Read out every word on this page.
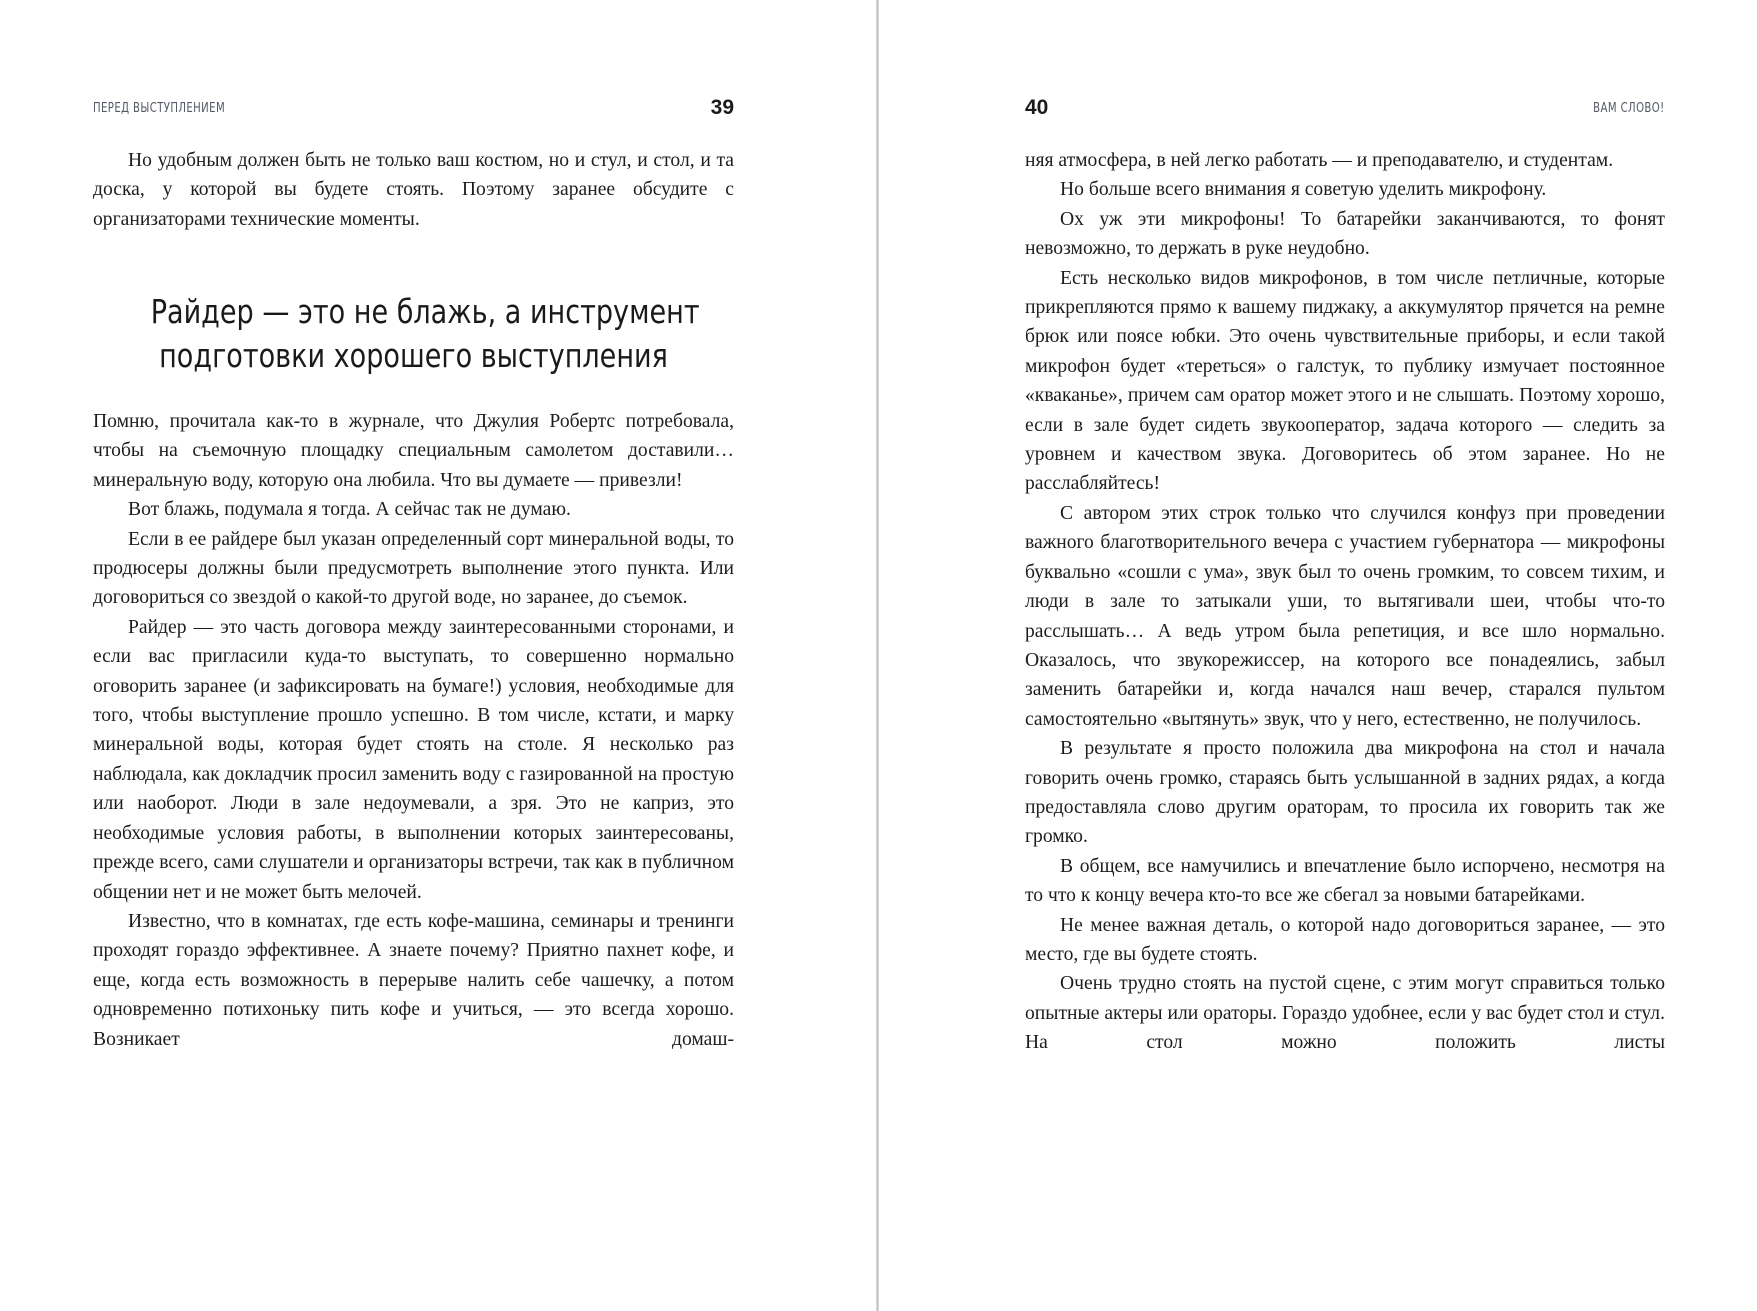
ПЕРЕД ВЫСТУПЛЕНИЕМ	39

Но удобным должен быть не только ваш костюм, но и стул, и стол, и та доска, у которой вы будете стоять. Поэтому заранее обсудите с организаторами технические моменты.

Райдер — это не блажь, а инструмент
подготовки хорошего выступления

Помню, прочитала как-то в журнале, что Джулия Робертс потребовала, чтобы на съемочную площадку специальным самолетом доставили… минеральную воду, которую она любила. Что вы думаете — привезли!

Вот блажь, подумала я тогда. А сейчас так не думаю.

Если в ее райдере был указан определенный сорт минеральной воды, то продюсеры должны были предусмотреть выполнение этого пункта. Или договориться со звездой о какой-то другой воде, но заранее, до съемок.

Райдер — это часть договора между заинтересованными сторонами, и если вас пригласили куда-то выступать, то совершенно нормально оговорить заранее (и зафиксировать на бумаге!) условия, необходимые для того, чтобы выступление прошло успешно. В том числе, кстати, и марку минеральной воды, которая будет стоять на столе. Я несколько раз наблюдала, как докладчик просил заменить воду с газированной на простую или наоборот. Люди в зале недоумевали, а зря. Это не каприз, это необходимые условия работы, в выполнении которых заинтересованы, прежде всего, сами слушатели и организаторы встречи, так как в публичном общении нет и не может быть мелочей.

Известно, что в комнатах, где есть кофе-машина, семинары и тренинги проходят гораздо эффективнее. А знаете почему? Приятно пахнет кофе, и еще, когда есть возможность в перерыве налить себе чашечку, а потом одновременно потихоньку пить кофе и учиться, — это всегда хорошо. Возникает домаш-

40	ВАМ СЛОВО!

няя атмосфера, в ней легко работать — и преподавателю, и студентам.

Но больше всего внимания я советую уделить микрофону.

Ох уж эти микрофоны! То батарейки заканчиваются, то фонят невозможно, то держать в руке неудобно.

Есть несколько видов микрофонов, в том числе петличные, которые прикрепляются прямо к вашему пиджаку, а аккумулятор прячется на ремне брюк или поясе юбки. Это очень чувствительные приборы, и если такой микрофон будет «тереться» о галстук, то публику измучает постоянное «кваканье», причем сам оратор может этого и не слышать. Поэтому хорошо, если в зале будет сидеть звукооператор, задача которого — следить за уровнем и качеством звука. Договоритесь об этом заранее. Но не расслабляйтесь!

С автором этих строк только что случился конфуз при проведении важного благотворительного вечера с участием губернатора — микрофоны буквально «сошли с ума», звук был то очень громким, то совсем тихим, и люди в зале то затыкали уши, то вытягивали шеи, чтобы что-то расслышать… А ведь утром была репетиция, и все шло нормально. Оказалось, что звукорежиссер, на которого все понадеялись, забыл заменить батарейки и, когда начался наш вечер, старался пультом самостоятельно «вытянуть» звук, что у него, естественно, не получилось.

В результате я просто положила два микрофона на стол и начала говорить очень громко, стараясь быть услышанной в задних рядах, а когда предоставляла слово другим ораторам, то просила их говорить так же громко.

В общем, все намучились и впечатление было испорчено, несмотря на то что к концу вечера кто-то все же сбегал за новыми батарейками.

Не менее важная деталь, о которой надо договориться заранее, — это место, где вы будете стоять.

Очень трудно стоять на пустой сцене, с этим могут справиться только опытные актеры или ораторы. Гораздо удобнее, если у вас будет стол и стул. На стол можно положить листы
